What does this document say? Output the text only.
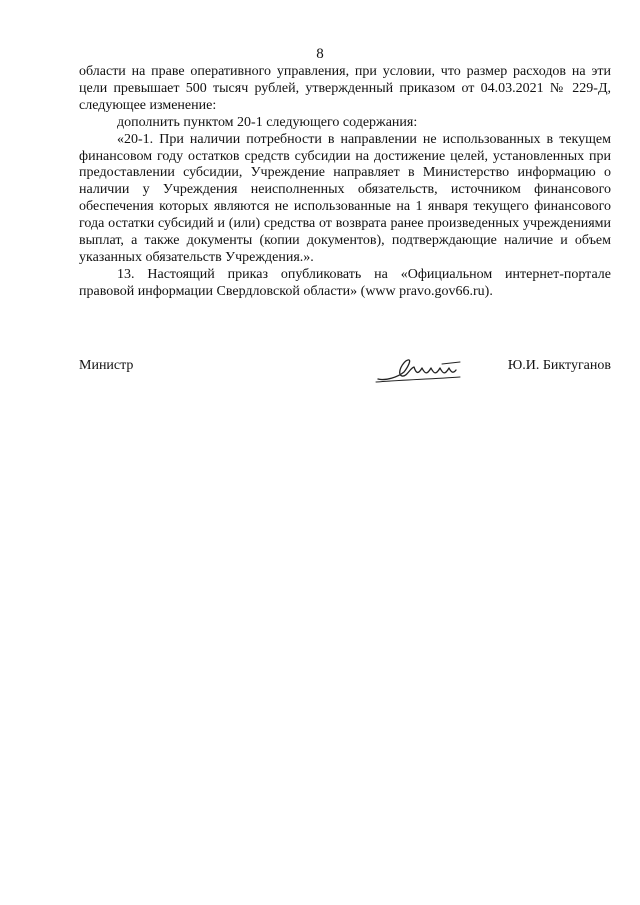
8

области на праве оперативного управления, при условии, что размер расходов на эти цели превышает 500 тысяч рублей, утвержденный приказом от 04.03.2021 № 229-Д, следующее изменение:

дополнить пунктом 20-1 следующего содержания:

«20-1. При наличии потребности в направлении не использованных в текущем финансовом году остатков средств субсидии на достижение целей, установленных при предоставлении субсидии, Учреждение направляет в Министерство информацию о наличии у Учреждения неисполненных обязательств, источником финансового обеспечения которых являются не использованные на 1 января текущего финансового года остатки субсидий и (или) средства от возврата ранее произведенных учреждениями выплат, а также документы (копии документов), подтверждающие наличие и объем указанных обязательств Учреждения.».

13. Настоящий приказ опубликовать на «Официальном интернет-портале правовой информации Свердловской области» (www pravo.gov66.ru).

Министр	Ю.И. Биктуганов
